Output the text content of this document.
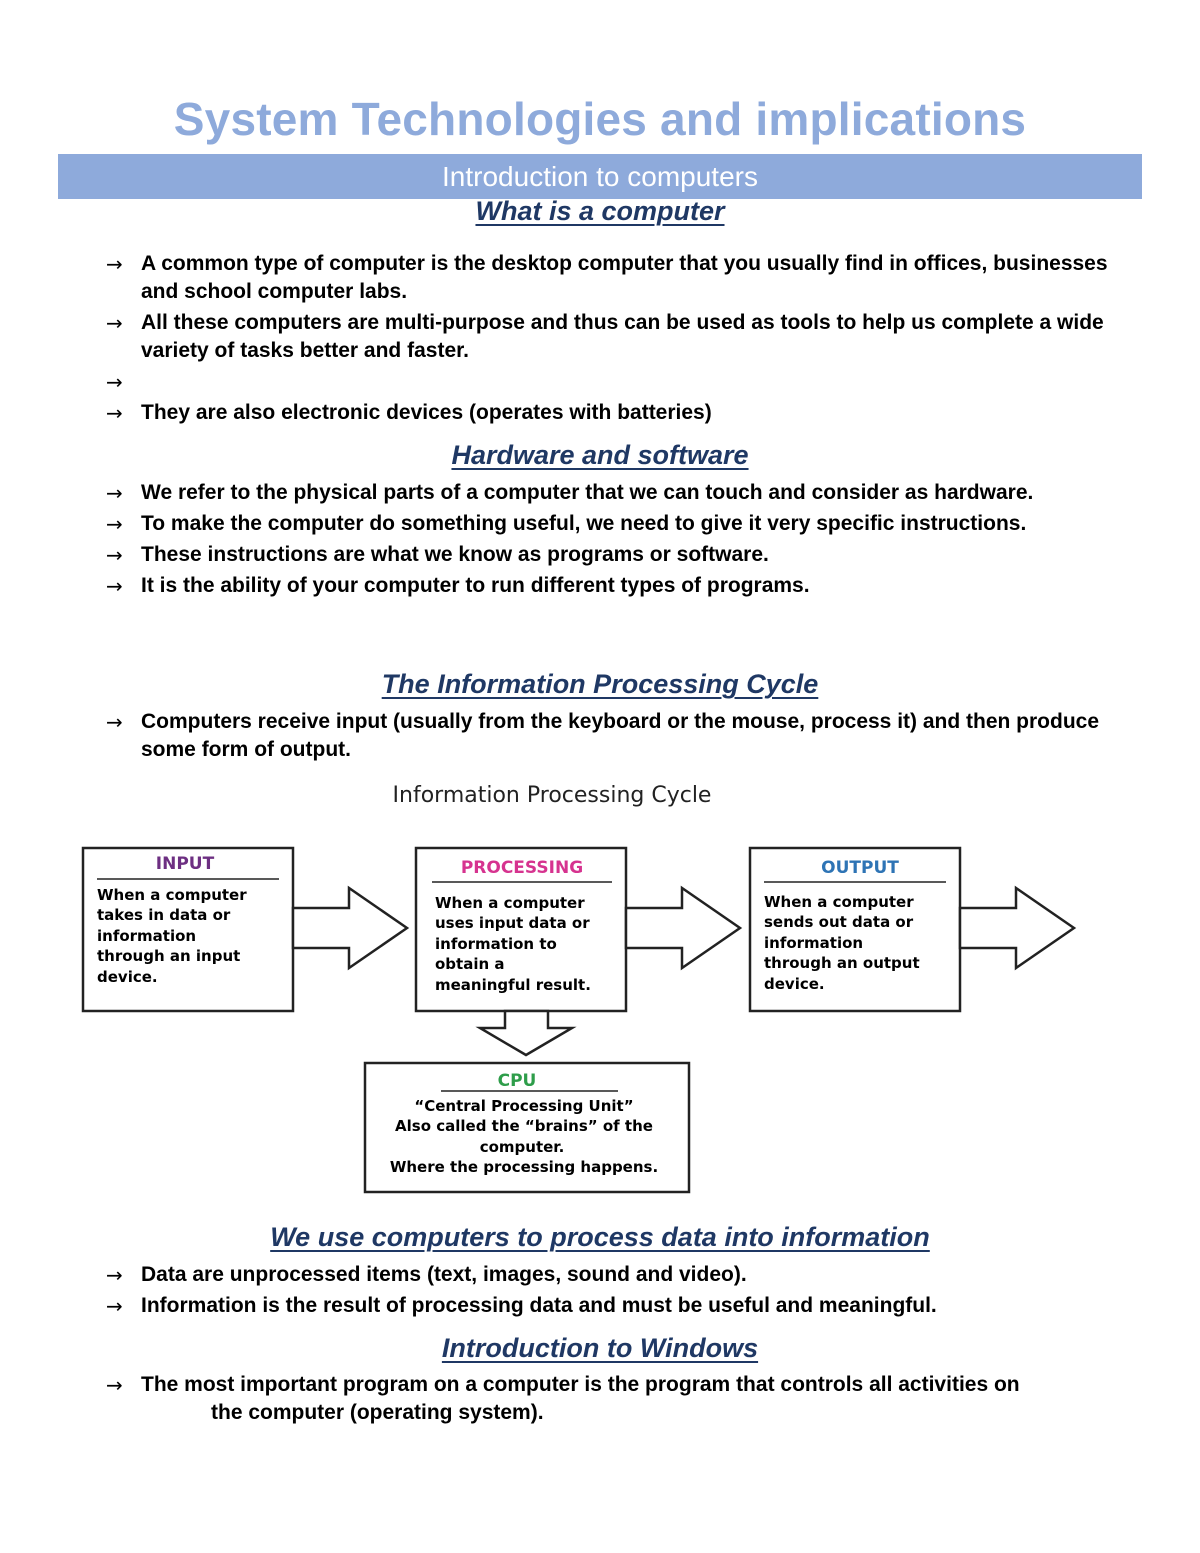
System Technologies and implications
Introduction to computers
What is a computer
→ A common type of computer is the desktop computer that you usually find in offices, businesses and school computer labs.
→ All these computers are multi-purpose and thus can be used as tools to help us complete a wide variety of tasks better and faster.
→
→ They are also electronic devices (operates with batteries)
Hardware and software
→ We refer to the physical parts of a computer that we can touch and consider as hardware.
→ To make the computer do something useful, we need to give it very specific instructions.
→ These instructions are what we know as programs or software.
→ It is the ability of your computer to run different types of programs.
The Information Processing Cycle
→ Computers receive input (usually from the keyboard or the mouse, process it) and then produce some form of output.
Information Processing Cycle
INPUT
When a computer
takes in data or
information
through an input
device.
PROCESSING
When a computer
uses input data or
information to
obtain a
meaningful result.
OUTPUT
When a computer
sends out data or
information
through an output
device.
CPU
“Central Processing Unit”
Also called the “brains” of the
computer.
Where the processing happens.
We use computers to process data into information
→ Data are unprocessed items (text, images, sound and video).
→ Information is the result of processing data and must be useful and meaningful.
Introduction to Windows
→ The most important program on a computer is the program that controls all activities on
the computer (operating system).
